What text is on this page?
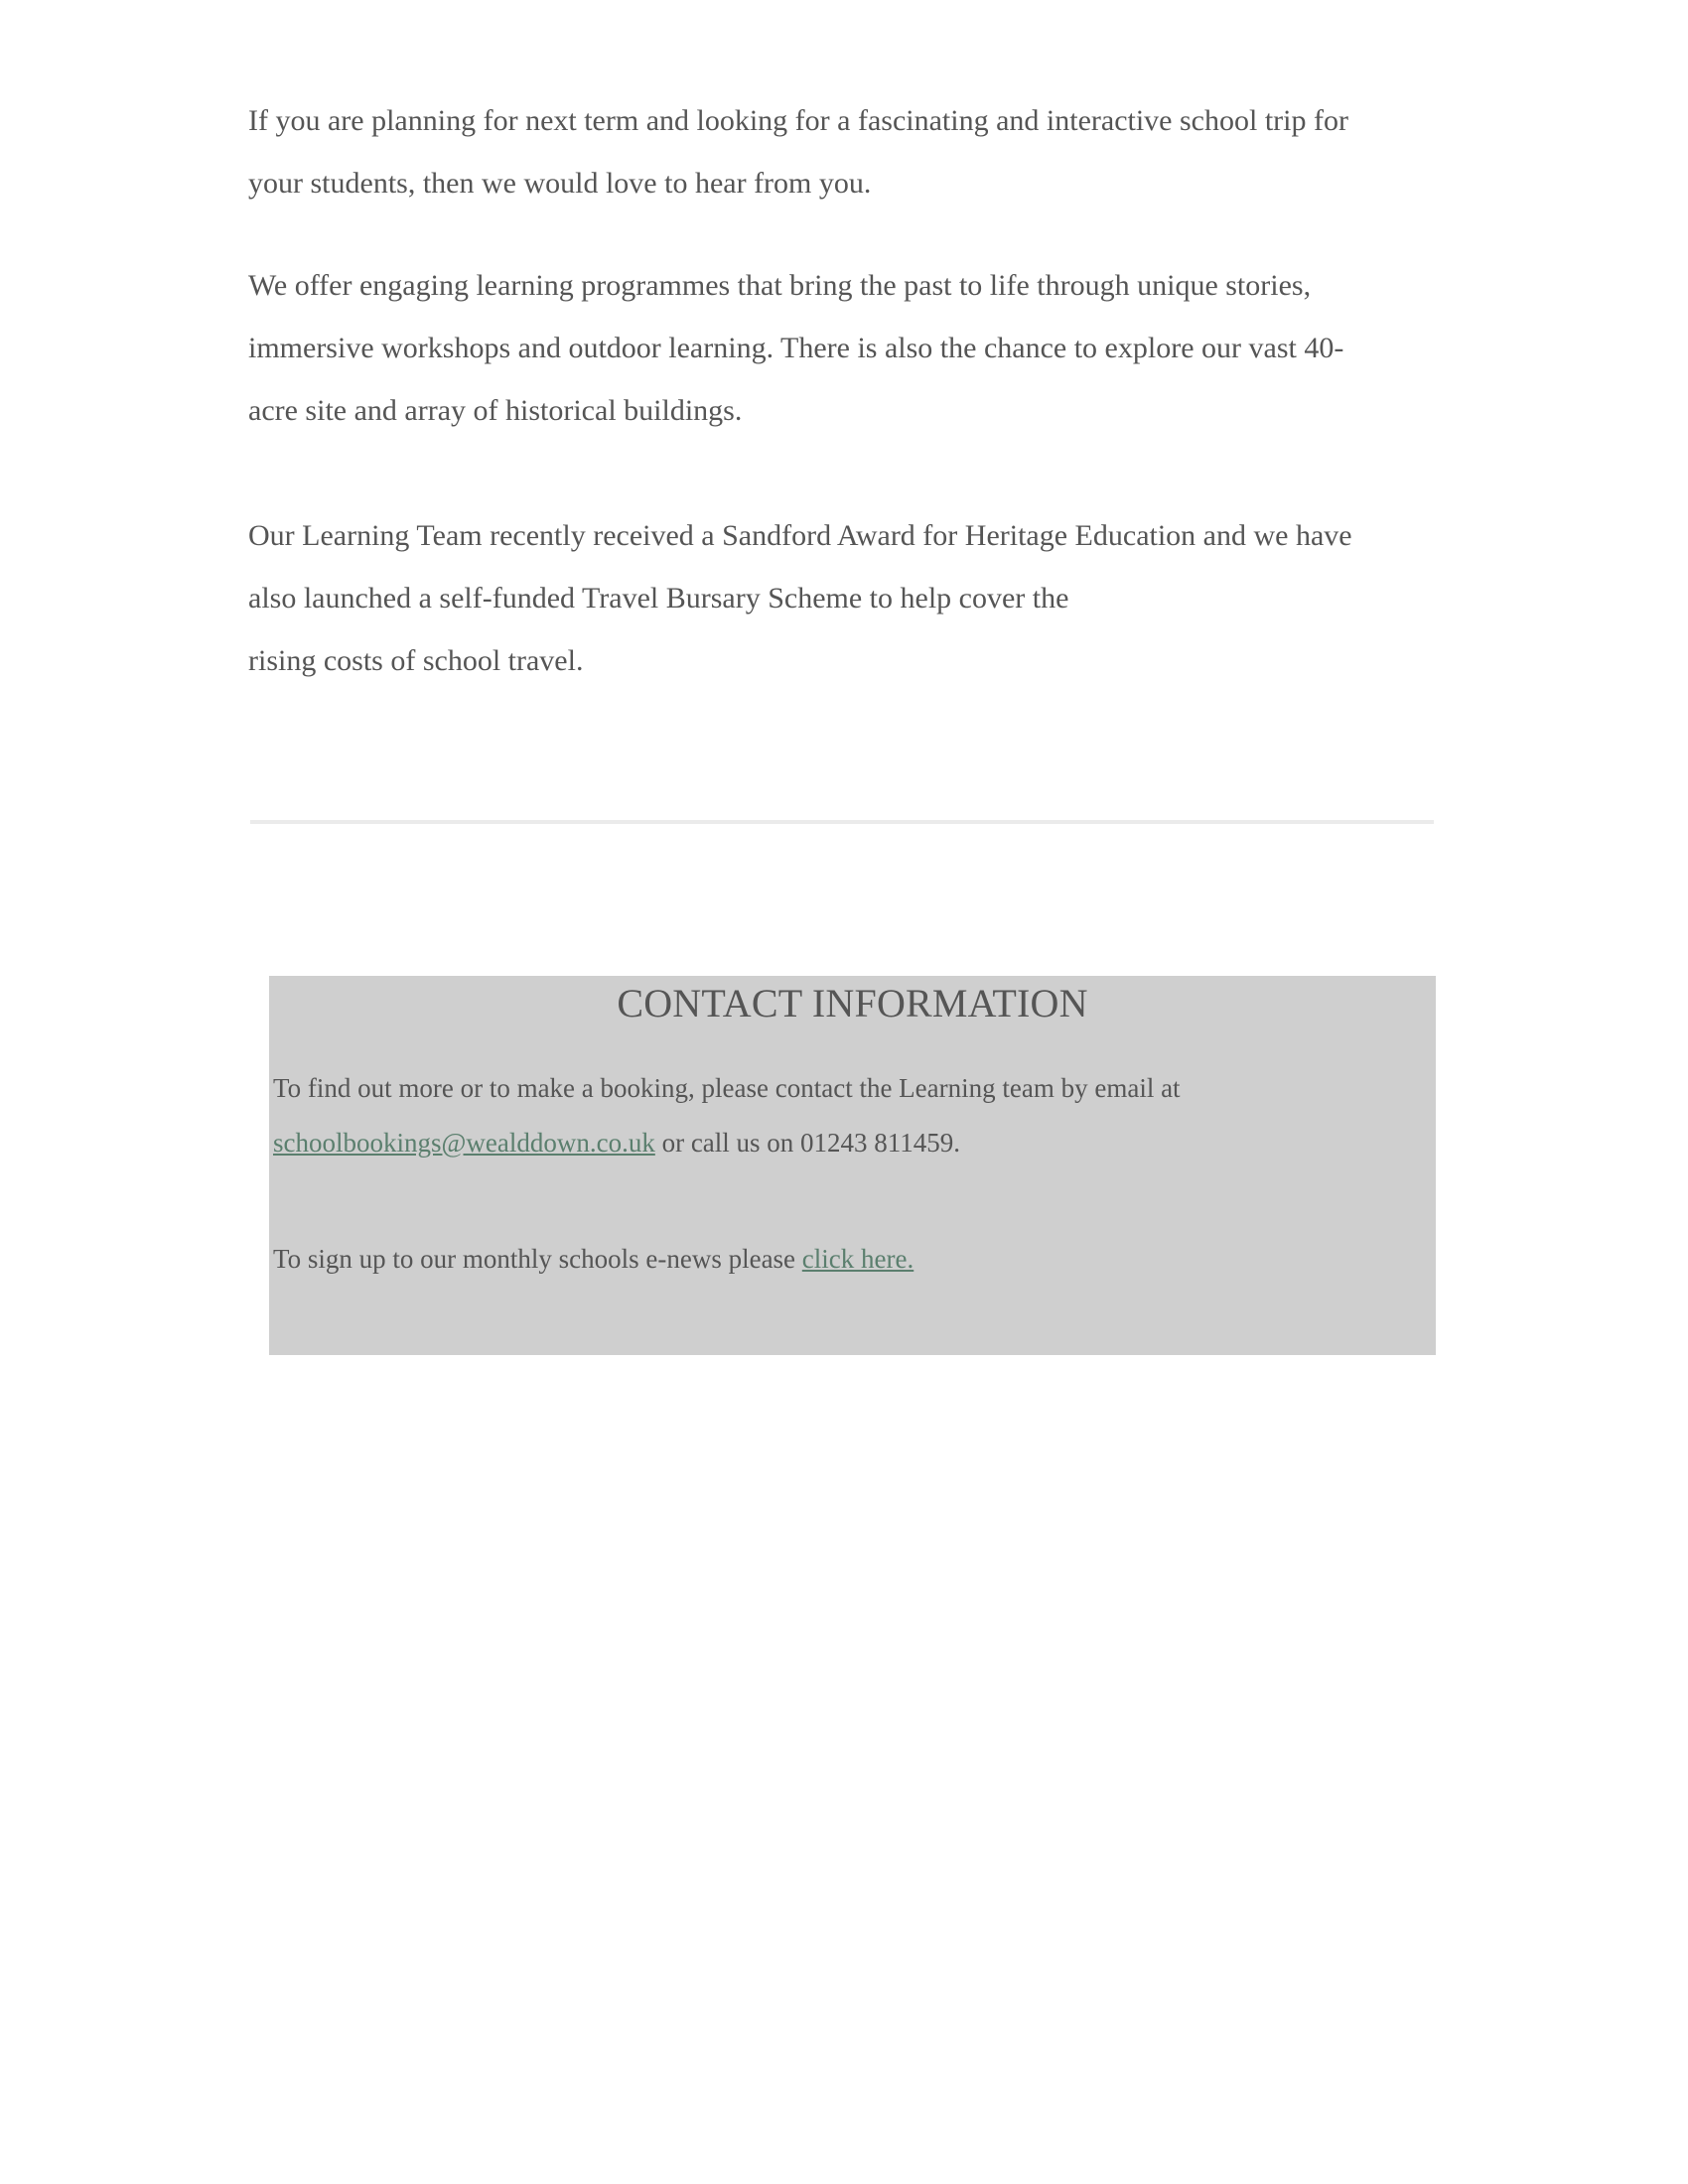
If you are planning for next term and looking for a fascinating and interactive school trip for
your students, then we would love to hear from you.

We offer engaging learning programmes that bring the past to life through unique stories,
immersive workshops and outdoor learning. There is also the chance to explore our vast 40-
acre site and array of historical buildings.

Our Learning Team recently received a Sandford Award for Heritage Education and we have
also launched a self-funded Travel Bursary Scheme to help cover the
rising costs of school travel.

CONTACT INFORMATION

To find out more or to make a booking, please contact the Learning team by email at
schoolbookings@wealddown.co.uk or call us on 01243 811459.

To sign up to our monthly schools e-news please click here.
